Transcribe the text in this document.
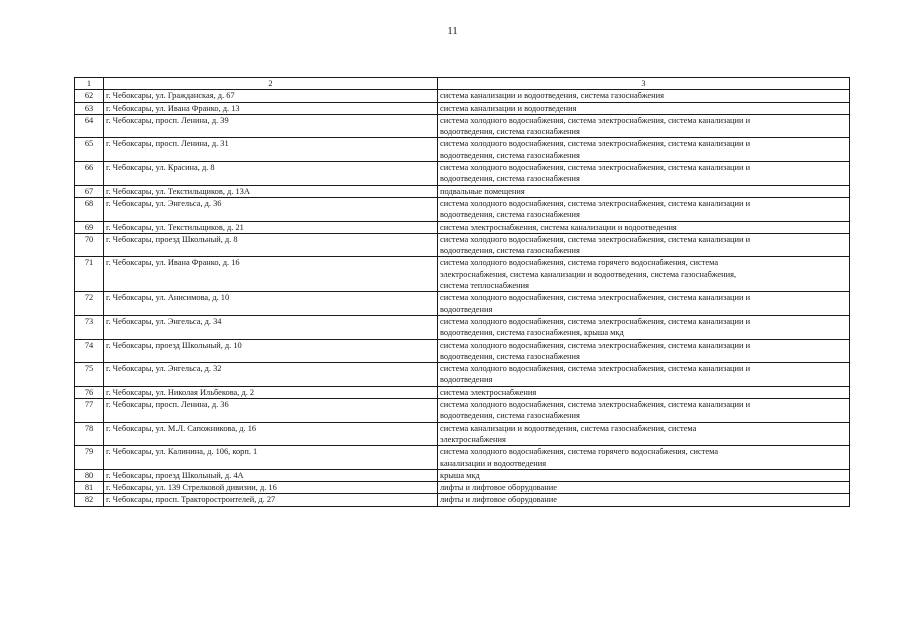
11
1	2	3
62	г. Чебоксары, ул. Гражданская, д. 67	система канализации и водоотведения, система газоснабжения
63	г. Чебоксары, ул. Ивана Франко, д. 13	система канализации и водоотведения
64	г. Чебоксары, просп. Ленина, д. 39	система холодного водоснабжения, система электроснабжения, система канализации и
водоотведения, система газоснабжения
65	г. Чебоксары, просп. Ленина, д. 31	система холодного водоснабжения, система электроснабжения, система канализации и
водоотведения, система газоснабжения
66	г. Чебоксары, ул. Красина, д. 8	система холодного водоснабжения, система электроснабжения, система канализации и
водоотведения, система газоснабжения
67	г. Чебоксары, ул. Текстильщиков, д. 13А	подвальные помещения
68	г. Чебоксары, ул. Энгельса, д. 36	система холодного водоснабжения, система электроснабжения, система канализации и
водоотведения, система газоснабжения
69	г. Чебоксары, ул. Текстильщиков, д. 21	система электроснабжения, система канализации и водоотведения
70	г. Чебоксары, проезд Школьный, д. 8	система холодного водоснабжения, система электроснабжения, система канализации и
водоотведения, система газоснабжения
71	г. Чебоксары, ул. Ивана Франко, д. 16	система холодного водоснабжения, система горячего водоснабжения, система
электроснабжения, система канализации и водоотведения, система газоснабжения,
система теплоснабжения
72	г. Чебоксары, ул. Анисимова, д. 10	система холодного водоснабжения, система электроснабжения, система канализации и
водоотведения
73	г. Чебоксары, ул. Энгельса, д. 34	система холодного водоснабжения, система электроснабжения, система канализации и
водоотведения, система газоснабжения, крыша мкд
74	г. Чебоксары, проезд Школьный, д. 10	система холодного водоснабжения, система электроснабжения, система канализации и
водоотведения, система газоснабжения
75	г. Чебоксары, ул. Энгельса, д. 32	система холодного водоснабжения, система электроснабжения, система канализации и
водоотведения
76	г. Чебоксары, ул. Николая Ильбекова, д. 2	система электроснабжения
77	г. Чебоксары, просп. Ленина, д. 36	система холодного водоснабжения, система электроснабжения, система канализации и
водоотведения, система газоснабжения
78	г. Чебоксары, ул. М.Л. Сапожникова, д. 16	система канализации и водоотведения, система газоснабжения, система
электроснабжения
79	г. Чебоксары, ул. Калинина, д. 106, корп. 1	система холодного водоснабжения, система горячего водоснабжения, система
канализации и водоотведения
80	г. Чебоксары, проезд Школьный, д. 4А	крыша мкд
81	г. Чебоксары, ул. 139 Стрелковой дивизии, д. 16	лифты и лифтовое оборудование
82	г. Чебоксары, просп. Тракторостроителей, д. 27	лифты и лифтовое оборудование
